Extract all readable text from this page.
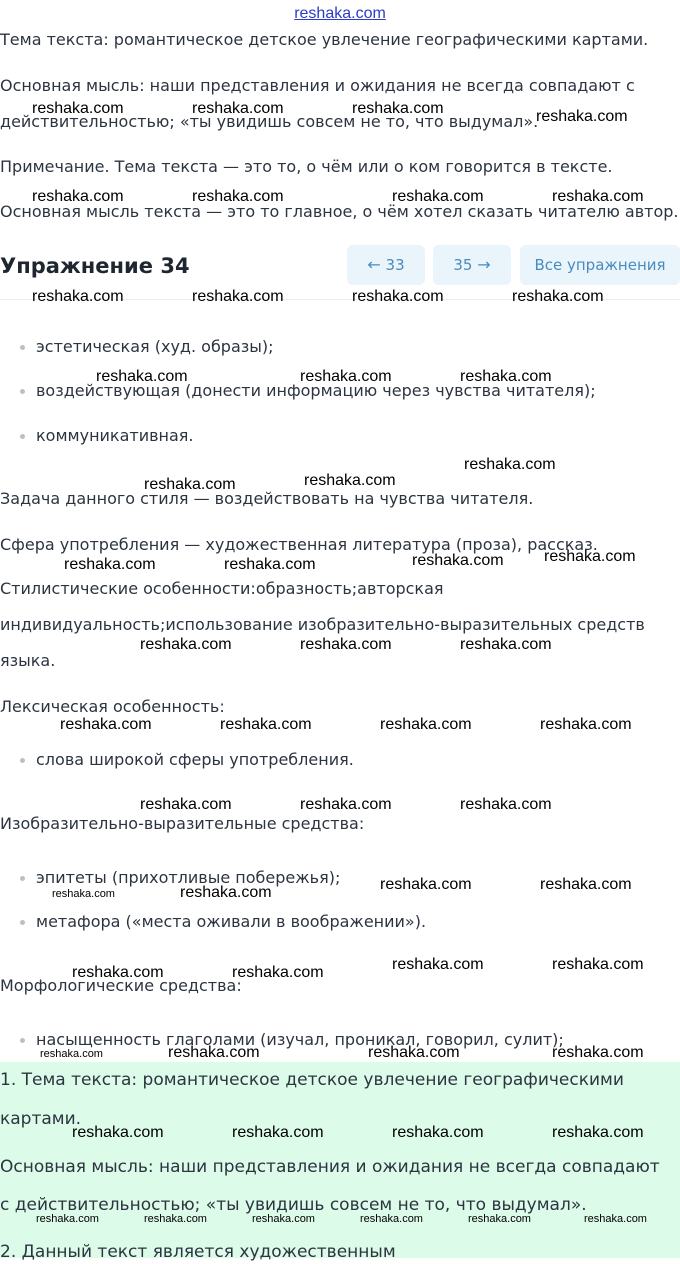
reshaka.com

Тема текста: романтическое детское увлечение географическими картами.

Основная мысль: наши представления и ожидания не всегда совпадают с

действительностью; «ты увидишь совсем не то, что выдумал».

Примечание. Тема текста — это то, о чём или о ком говорится в тексте.

Основная мысль текста — это то главное, о чём хотел сказать читателю автор.

Упражнение 34	← 33	35 →	Все упражнения

эстетическая (худ. образы);

воздействующая (донести информацию через чувства читателя);

коммуникативная.

Задача данного стиля — воздействовать на чувства читателя.

Сфера употребления — художественная литература (проза), рассказ.

Стилистические особенности:образность;авторская

индивидуальность;использование изобразительно-выразительных средств

языка.

Лексическая особенность:

слова широкой сферы употребления.

Изобразительно-выразительные средства:

эпитеты (прихотливые побережья);

метафора («места оживали в воображении»).

Морфологические средства:

насыщенность глаголами (изучал, проникал, говорил, сулит);

1. Тема текста: романтическое детское увлечение географическими

картами.

Основная мысль: наши представления и ожидания не всегда совпадают

с действительностью; «ты увидишь совсем не то, что выдумал».

2. Данный текст является художественным

reshaka.com	reshaka.com	reshaka.com	reshaka.com
reshaka.com	reshaka.com	reshaka.com	reshaka.com
reshaka.com	reshaka.com	reshaka.com	reshaka.com
reshaka.com	reshaka.com	reshaka.com
reshaka.com
reshaka.com	reshaka.com
reshaka.com	reshaka.com	reshaka.com	reshaka.com
reshaka.com	reshaka.com	reshaka.com
reshaka.com	reshaka.com	reshaka.com	reshaka.com
reshaka.com	reshaka.com	reshaka.com
reshaka.com	reshaka.com	reshaka.com
reshaka.com	reshaka.com	reshaka.com	reshaka.com
reshaka.com	reshaka.com	reshaka.com
reshaka.com	reshaka.com	reshaka.com	reshaka.com
reshaka.com
reshaka.com
reshaka.com	reshaka.com	reshaka.com	reshaka.com	reshaka.com	reshaka.com
